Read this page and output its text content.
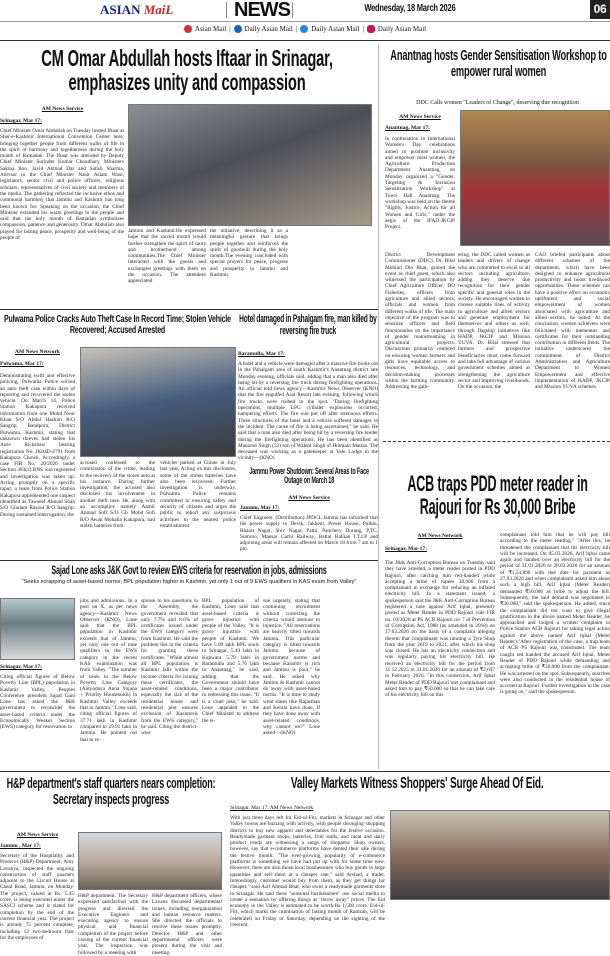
ASIAN MaiL	NEWS	Wednesday, 18 March 2026	06
Asian Mail | Daily Asian Mail | Daily Asian Mail | Daily Asian Mail
CM Omar Abdullah hosts Iftaar in Srinagar, emphasizes unity and compassion
AM News Service
Srinagar, Mar 17:
Chief Minister Omar Abdullah on Tuesday hosted Iftaar at Sher-e-Kashmir International Convention Center here, bringing together people from different walks of life in the spirit of harmony and togetherness during the holy month of Ramadan. The Iftaar was attended by Deputy Chief Minister Surinder Kumar Choudhary, Ministers Sakina Itoo, Javid Ahmad Dar and Satish Sharma, Advisor to the Chief Minister Nasir Aslam Wani, legislators, senior civil and police officers, religious scholars, representatives of civil society and members of the media. The gathering reflected the inclusive ethos and communal harmony that Jammu and Kashmir has long been known for. Speaking on the occasion, the Chief Minister extended his warm greetings to the people and said that the holy month of Ramadan symbolizes compassion, patience and generosity. Omar Abdullah also prayed for lasting peace, prosperity and well-being of the people of
Jammu and Kashmir.He expressed hope that the sacred month would further strengthen the spirit of unity and brotherhood among communities.The Chief Minister interacted with the guests and exchanged greetings with them on the occasion. The attendees appreciated
the initiative, describing it as a meaningful gesture that brings people together and reinforces the spirit of goodwill during the holy month.The evening concluded with special prayers for peace, progress and prosperity in Jammu and Kashmir.
Anantnag hosts Gender Sensitisation Workshop to empower rural women
DDC Calls women "Leaders of Change", deserving due recognition
AM News Service
Anantnag, Mar 17:
In continuation to International Women's Day celebrations aimed to promote inclusivity and empower rural women, the Agriculture Production Department Anantnag, on Monday organized a "Gender, Targeting & Inclusion Sensitization Workshop" at Town Hall Anantnag. The workshop was held on the theme "Rights, Justice, Action for all Women and Girls," under the aegis of the IFAD-JKCIP Project.
District Development Commissioner (DDC), Dr. Bilal Mohiud Din Bhat, graced the event as chief guest, which also witnessed the participation by Chief Agriculture Officer, DD Fisheries, officers from agriculture and allied sectors, officials and women from different walks of life. The main objective of the program was to sensitize officers and field functionaries on the importance of gender mainstreaming in agricultural projects. Discussions primarily centered on ensuring women farmers and girls have equitable access to resources, technology, and decision-making processes within the farming community. Addressing the gath-
ering, the DDC called women as leaders and drivers of change who are committed to excel in all sectors including agriculture, adding they deserve due recognition for their gender specific and general roles in the society. He encouraged women to choose suitable lines of activity in agriculture and allied sectors and generate employment for themselves and others as well, through flagship initiatives like HADP, JKCIP and Mission YUVA. Dr. Bilal stressed that farmers and prospective beneficiaries must come forward and take full advantage of various government schemes aimed at strengthening the agriculture sector and improving livelihoods. On the occasion, the
CAO briefed participants about different schemes of the department, which have been designed to enhance agricultural productivity and boost livelihood opportunities. These schemes can have a positive effect on economic upliftment and social empowerment of women associated with agriculture and allied sectors, he noted. At the conclusion, women achievers were felicitated with mementos and certificates for their outstanding contribution in different fields. The initiative underscores the commitment of District Administration and Agriculture Department to Women Empowerment and effective implementation of HADP, JKCIP and Mission YUVA schemes.
Pulwama Police Cracks Auto Theft Case In Record Time; Stolen Vehicle Recovered; Accused Arrested
AM News Network
Pulwama, Mar 17:
Demonstrating swift and effective policing, Pulwama Police solved an auto theft case within days of reporting and recovered the stolen vehicle. On March 14, Police Station Kakapora received information from one Mohd Noor Khan S/O Abdul Hashim R/O Sangrip, Batalpora, District Pulwama, Kashmir, stating that unknown thieves had stolen his Auto Rickshaw bearing registration No. JK04D-2791 from Kakapora Chowk. Accordingly, a case FIR No. 20/2026 under Section 303(2) BNS was registered and investigation was taken up. Acting promptly on a specific input, a team from Police Station Kakapora apprehended one suspect identified as Tawseef Ahmad Shah S/O Ghulam Rasool R/O Sangrip. During sustained interrogation, the
accused confessed to the commission of the crime, leading to the recovery of the stolen auto at his instance. During further investigation, the accused also disclosed his involvement in another theft case. He, along with an accomplice namely Aamir Ahmad Sofi S/O Gh Mohd Sofi R/O Awan Mohalla Kakapora, had stolen batteries from
vehicles parked at Chhoe in July last year. Acting on this disclosure, some of the stolen batteries have also been recovered. Further investigation is underway. Pulwama Police remains committed to ensuring safety and security of citizens and urges the public to report any suspicious activities to the nearest police establishment.
Hotel damaged in Pahalgam fire, man killed by reversing fire truck
Baramulla, Mar 17:
A hotel and a vehicle were damaged after a massive fire broke out in the Pahalgam area of south Kashmir's Anantnag district late Monday evening, officials said, adding that a man also died after being hit by a reversing fire truck during firefighting operations. An official told news agency—Kashmir News Observer (KNO) that the fire engulfed Asal Resort late evening, following which fire trucks were rushed to the spot. "During firefighting operations, multiple LPG cylinder explosions occurred, hampering efforts. The fire was put off after strenuous efforts. Three structures of the hotel and a vehicle suffered damages in the incident. The cause of fire is being ascertained," he said. He said that a man also died after being hit by a reversing fire tender during the firefighting operations. He has been identified as Manzoor Singh (33) son of Walent Singh of Hutmain Mattan. The deceased was working as a gatekeeper at Vale Lodge in the vicinity—(KNO)
Jammu Power Shutdown: Several Areas to Face Outage on March 18
AM News Service
Jammu, Mar 17:
Chief Engineer, (Distribution) JPDCL Jammu has informed that the power supply to Devik, Jakheni, Power House, Pulkhi, Bharat Nagar, Shiv Nagar, Pathi, Panchery Dorang, P.TC, Sumroo, Mansar Garhi Railway, Battal Ballian I.T.I.P and adjoining areas will remain affected on March 18 from 7 am to 1 pm.
ACB traps PDD meter reader in Rajouri for Rs 30,000 Bribe
AM News Network
Srinagar, Mar 17:
The J&K Anti-Corruption Bureau on Tuesday said they have arrested, a meter reader posted in PDD Rajouri, after catching him red-handed while accepting a bribe of rupees 30,000 from a complainant in exchange for reducing an inflated electricity bill. In a statement issued, a spokesperson said the J&K Anti-Corruption Bureau registered a case against Arif Iqbal, presently posted as Meter Reader in PDD Rajouri vide FIR no. 03/2026 at PS ACB Rajouri u/s 7 of Prevention of Corruption Act, 1988 (as amended in 2018) on 17.03.2026 on the basis of a complaint alleging therein that complainant was running a Tyre Shop from the year 2019 to 2021, after which his shop was closed. He has an electricity connection and was regularly paying his electricity bill. He received an electricity bill for the period from 31.12.2025 to 31.01.2026 for an amount of ₹2,697 in February 2026. "In this connection, Arif Iqbal Meter Reader of PDD Rajouri met complainant and asked him to pay ₹50,000 so that he can take care of his electricity bill on this
complainant told him that he will pay bill according to the meter reading." "After this, he threatened the complainant that his electricity bill will be increased. On 05.03.2026, Arif Iqbal came again and handed over an electricity bill for the period of 31.01.2026 to 28.02.2026 for an amount of ₹1,53,890 with due date for payment as 27.03.2026 and when complainant asked him about such a high bill, Arif Iqbal (Meter Reader) demanded ₹50,000 as bribe to adjust the bill. Subsequently, the said demand was negotiated to ₹30,000," said the spokesperson. He added, since the complainant did not want to give illegal gratification to the above named Meter Reader, he approached and lodged a written complaint in Police Station ACB Rajouri for taking legal action against the above named Arif Iqbal (Meter Reader)."After registration of the case, a trap team of ACB PS Rajouri was constituted. The team caught red handed the accused Arif Iqbal, Meter Reader of PDD Rajouri while demanding and accepting bribe of ₹30,000 from the complainant. He was arrested on the spot. Subsequently, searches were also conducted in the residential house of accused at Rajouri. Further investigation in the case is going on," said the spokesperson.
Sajad Lone asks J&K Govt to review EWS criteria for reservation in jobs, admissions
"Seeks scrapping of asset-based norms; BPL population higher in Kashmir, yet only 1 out of 9 EWS qualifiers in KAS exam from Valley"
Srinagar, Mar 17:
Citing official figures of Below Poverty Line (BPL) population in Kashmir Valley, Peoples Conference president Sajad Gani Lone has asked the J&K government to reconsider the asset-based criteria under the Economically Weaker Section (EWS) category for reservation in
jobs and admissions. In a post on X, as per news agency—Kashmir News Observer (KNO), Lone said that the BPL population in Kashmir exceeds that of Jammu, yet only one out of nine qualifiers in the EWS category in the recent KAS examination was from Valley. "The number of souls in the Below Poverty Line Category (Antyodaya Anna Yojana + Priority Households) in Kashmir Valley exceeds that in Jammu," Lone said, citing official figures of 37.71 lakh in Kashmir compared to 29.91 lakh in Jammu. He pointed out that in re-
sponse to his questions in the Assembly, the government revealed that only 7.7% and 8.6% of certificates issued under the EWS category were from Kashmir. He said the problem lies in the criteria for granting these certificates. "While almost all BPL population is Kashmir falls within the income criteria for issuing these certificates, the asset-related conditions, especially the size of the residential house and residential plot ensures exclusion of Kashmiris from the EWS category," he said. Citing the district-wise
BPL population of Kashmir, Lone said that asset-based criteria is grave injustice with people of the Valley. "It is grave injustice with people of Kashmir. We have 5.09 lakh BPL souls in Srinagar, 5.49 lakh in Kupwara 5.79 lakh in Baramulla and 5.76 lakh in Anantnag," he said, adding that the Government should have been a major contributor in redressing this issue. "It is a cruel joke," he said. Lone appealed to the Chief Minister to address the is-
sue urgently, stating that continuing recruitment without correcting the criteria would amount to injustice. "All reservations are heavily tilted towards Jammu. This particular category is tilted towards Jammu because of government norms and because Kashmir is rich and Jammu is poor," he said. He asked why Jammu & Kashmir cannot do away with asset-based norms. "It is time to study what states like Rajasthan and Kerala have done. If they have done away with asset-related conditions, why cannot we?" Lone asked—(KNO)
H&P department's staff quarters nears completion: Secretary inspects progress
AM News Service
Jammu , Mar 17:
Secretary of the Hospitality and Protocol (H&P) Department, Amy Lavanya, inspected the ongoing construction of staff quarters adjacent to the Circuit House at Canal Road, Jammu, on Monday. The project, valued at Rs. 5.45 crore, is being executed under the SASCI scheme and is slated for completion by the end of the current financial year. The project is already 75 percent complete, including 12 two-bedroom flats for the employees of
H&P department. The Secretary expressed satisfaction with the progress and directed the Executive Engineer and executing agency to ensure physical and financial completion of the project before closing of the current financial year. The inspection was followed by a meeting with
H&P department officers, where Lavana discussed departmental issues, including reorganization and human resource matters. She directed the officials to resolve these issues promptly. Director H&P and other departmental officers were present during the visit and meeting.
Valley Markets Witness Shoppers' Surge Ahead Of Eid.
Srinagar, Mar 17: AM News Network
With just three days left for Eid-ul-Fitr, markets in Srinagar and other Valley towns are buzzing with activity, with people thronging shopping districts to buy new apparel and delectables for the festive occasion. Readymade garment shops, bakeries, fruit stalls, and meat and dairy product vends are witnessing a surge of shoppers. Shop owners, however, say that e-commerce platforms have dented their sale during the festive month. "The ever-growing popularity of e-commerce platforms is something we have had put up with for some time now. However, there are also those local businessmen who buy goods in large quantities and sell them at a cheaper rate," said Arshad, a trader. Interestingly, customer would buy from them, as they get things for cheaper," said Asif Ahmad Bhat, who owns a readymade garments store in Srinagar. He said these "seasonal businessmen" use social media to create a sensation by offering things at "throw away" prices. The Eid economy in the Valley is estimated to be worth Rs 1,500 crore. Eid-ul-Fitr, which marks the culmination of fasting month of Ramzan, will be celebrated on Friday or Saturday, depending on the sighting of the crescent.
